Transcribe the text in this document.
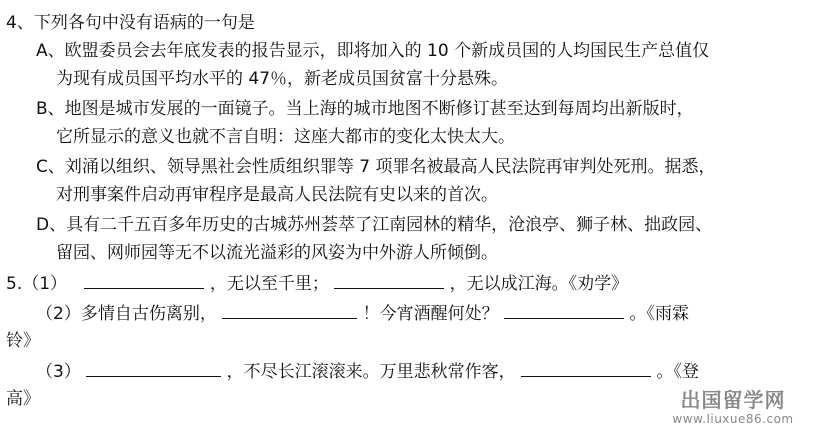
4、下列各句中没有语病的一句是
A、欧盟委员会去年底发表的报告显示，即将加入的 10 个新成员国的人均国民生产总值仅
为现有成员国平均水平的 47％，新老成员国贫富十分悬殊。
B、地图是城市发展的一面镜子。当上海的城市地图不断修订甚至达到每周均出新版时，
它所显示的意义也就不言自明：这座大都市的变化太快太大。
C、刘涌以组织、领导黑社会性质组织罪等 7 项罪名被最高人民法院再审判处死刑。据悉，
对刑事案件启动再审程序是最高人民法院有史以来的首次。
D、具有二千五百多年历史的古城苏州荟萃了江南园林的精华，沧浪亭、狮子林、拙政园、
留园、网师园等无不以流光溢彩的风姿为中外游人所倾倒。
5.（1）	，无以至千里；	，无以成江海。《劝学》
（2）多情自古伤离别，	！今宵酒醒何处？	。《雨霖
铃》
（3）	，不尽长江滚滚来。万里悲秋常作客，	。《登
高》	出国留学网
www.liuxue86.com
